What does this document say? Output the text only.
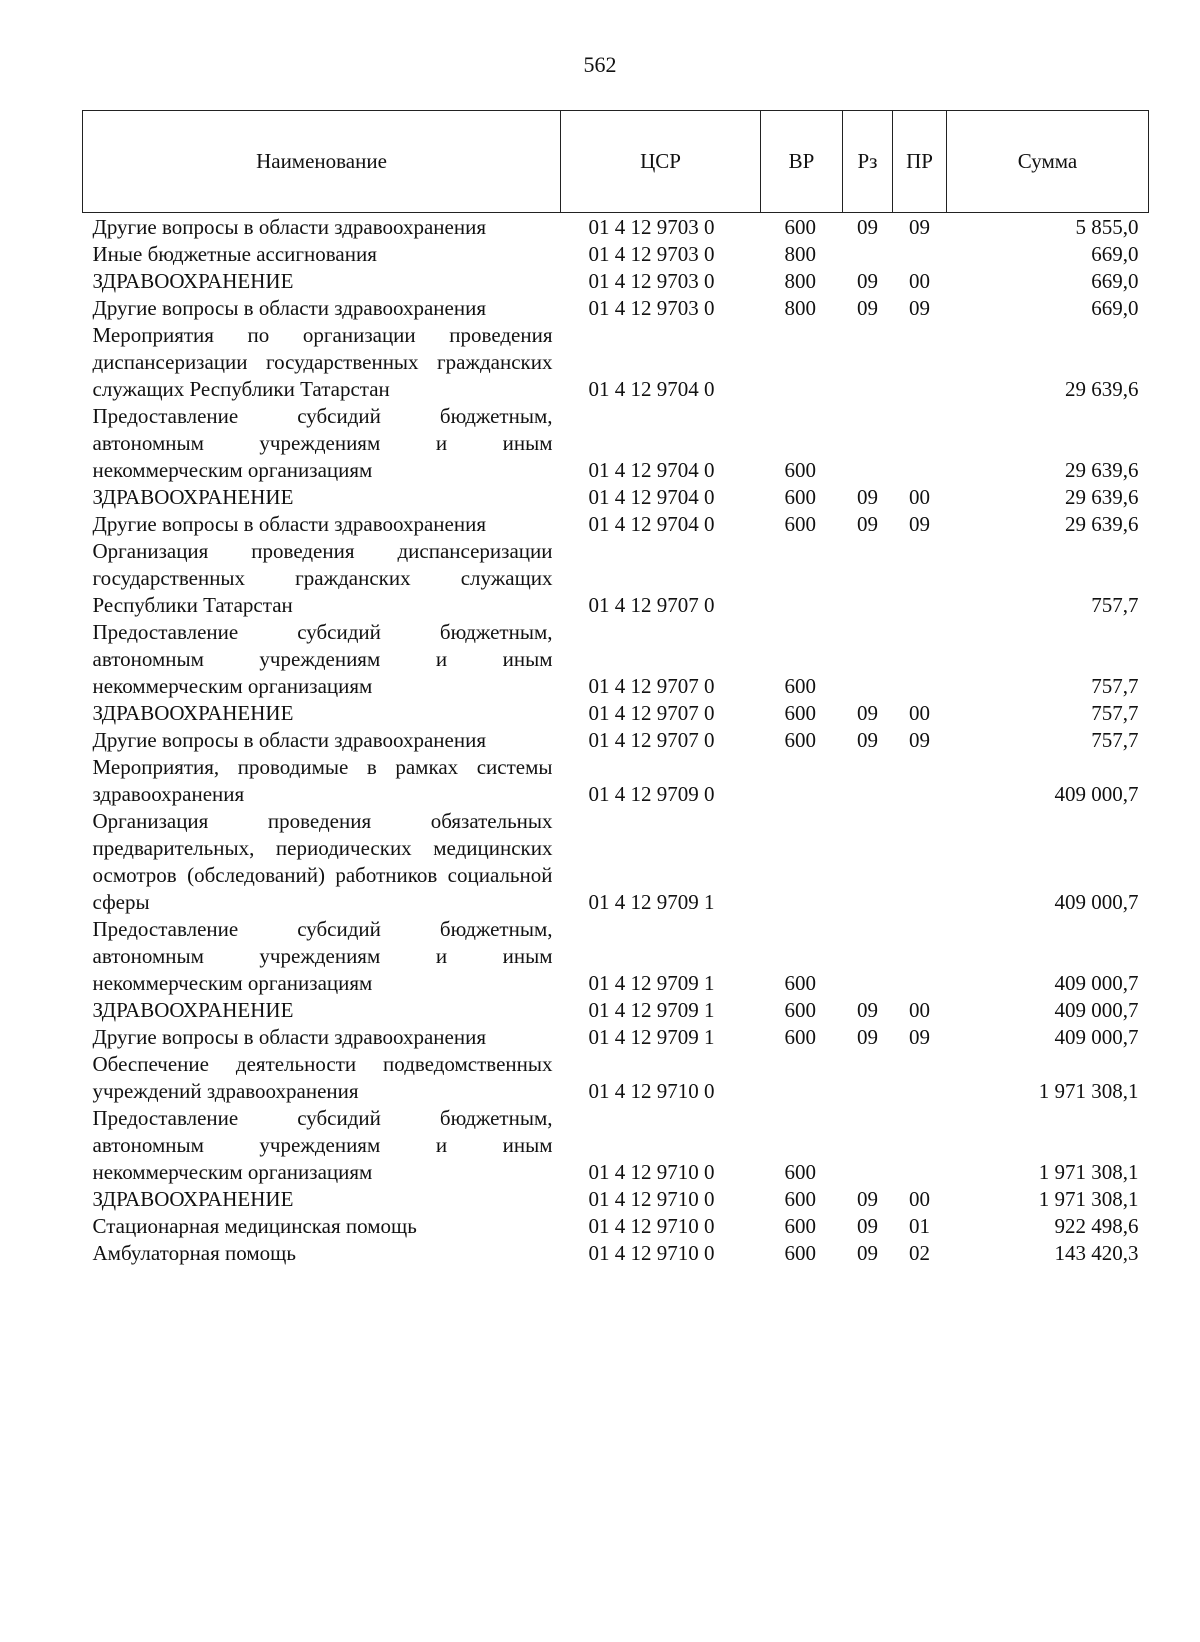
562
Наименование	ЦСР	ВР	Рз	ПР	Сумма
Другие вопросы в области здравоохранения	01 4 12 9703 0	600	09	09	5 855,0
Иные бюджетные ассигнования	01 4 12 9703 0	800			669,0
ЗДРАВООХРАНЕНИЕ	01 4 12 9703 0	800	09	00	669,0
Другие вопросы в области здравоохранения	01 4 12 9703 0	800	09	09	669,0
Мероприятия по организации проведения диспансеризации государственных гражданских служащих Республики Татарстан	01 4 12 9704 0				29 639,6
Предоставление субсидий бюджетным, автономным учреждениям и иным некоммерческим организациям	01 4 12 9704 0	600			29 639,6
ЗДРАВООХРАНЕНИЕ	01 4 12 9704 0	600	09	00	29 639,6
Другие вопросы в области здравоохранения	01 4 12 9704 0	600	09	09	29 639,6
Организация проведения диспансеризации государственных гражданских служащих Республики Татарстан	01 4 12 9707 0				757,7
Предоставление субсидий бюджетным, автономным учреждениям и иным некоммерческим организациям	01 4 12 9707 0	600			757,7
ЗДРАВООХРАНЕНИЕ	01 4 12 9707 0	600	09	00	757,7
Другие вопросы в области здравоохранения	01 4 12 9707 0	600	09	09	757,7
Мероприятия, проводимые в рамках системы здравоохранения	01 4 12 9709 0				409 000,7
Организация проведения обязательных предварительных, периодических медицинских осмотров (обследований) работников социальной сферы	01 4 12 9709 1				409 000,7
Предоставление субсидий бюджетным, автономным учреждениям и иным некоммерческим организациям	01 4 12 9709 1	600			409 000,7
ЗДРАВООХРАНЕНИЕ	01 4 12 9709 1	600	09	00	409 000,7
Другие вопросы в области здравоохранения	01 4 12 9709 1	600	09	09	409 000,7
Обеспечение деятельности подведомственных учреждений здравоохранения	01 4 12 9710 0				1 971 308,1
Предоставление субсидий бюджетным, автономным учреждениям и иным некоммерческим организациям	01 4 12 9710 0	600			1 971 308,1
ЗДРАВООХРАНЕНИЕ	01 4 12 9710 0	600	09	00	1 971 308,1
Стационарная медицинская помощь	01 4 12 9710 0	600	09	01	922 498,6
Амбулаторная помощь	01 4 12 9710 0	600	09	02	143 420,3
